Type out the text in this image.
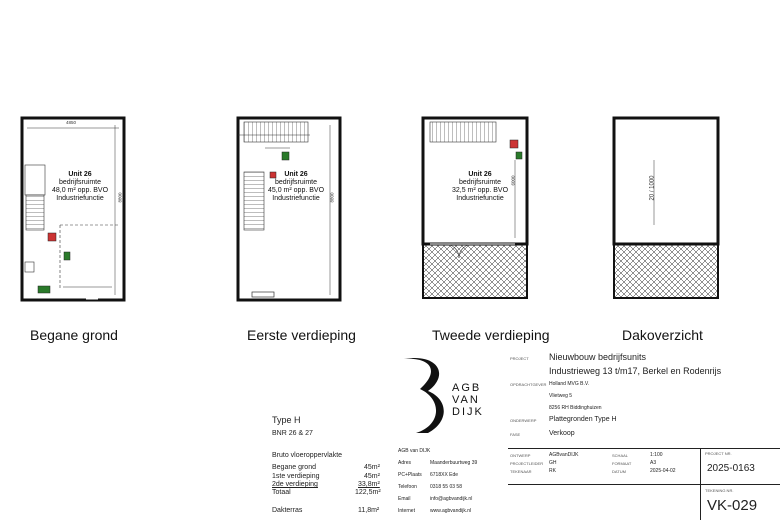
4850
8800
Unit 26
bedrijfsruimte
48,0 m² opp. BVO
Industriefunctie
Begane grond
8800
Unit 26
bedrijfsruimte
45,0 m² opp. BVO
Industriefunctie
Eerste verdieping
6000
Unit 26
bedrijfsruimte
32,5 m² opp. BVO
Industriefunctie
Tweede verdieping
20 / 1000
Dakoverzicht
Type H
BNR 26 & 27
Bruto vloeroppervlakte
Begane grond	45m²
1ste verdieping	45m²
2de verdieping	33,8m²
Totaal	122,5m²
Dakterras	11,8m²
AGB
VAN
DIJK
AGB van DIJK
Adres	Maanderbuurtweg 39
PC+Plaats 6718XX Ede
Telefoon	0318 55 03 58
Email	info@agbvandijk.nl
Internet	www.agbvandijk.nl
PROJECT Nieuwbouw bedrijfsunits
Industrieweg 13 t/m17, Berkel en Rodenrijs
OPDRACHTGEVER Holland MVG B.V.
Vlietweg 5
8256 RH Biddinghuizen
ONDERWERP Plattegronden Type H
FASE	Verkoop
ONTWERP	AGBvanDIJK
PROJECTLEIDER GH
TEKENAAR	RK
SCHAAL	1:100
FORMAAT	A3
DATUM	2025-04-02
PROJECT NR.
2025-0163
TEKENING NR.
VK-029
